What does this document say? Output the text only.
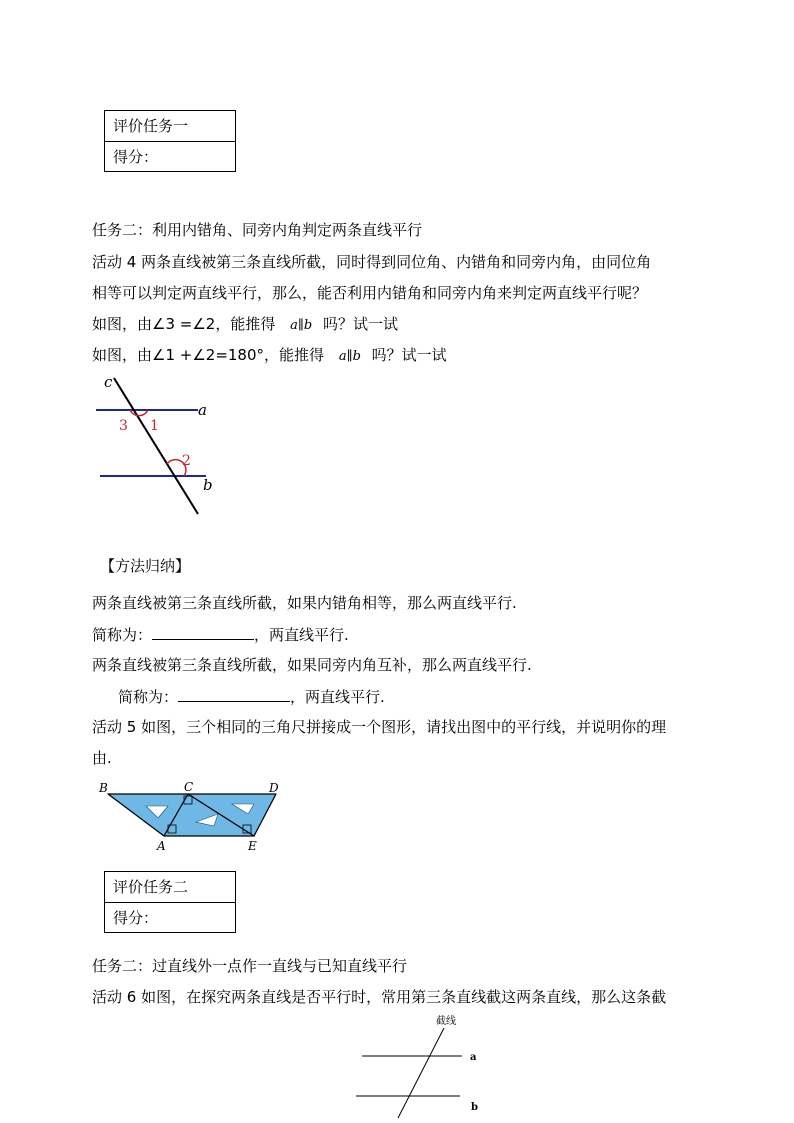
评价任务一
得分：
任务二：利用内错角、同旁内角判定两条直线平行
活动 4 两条直线被第三条直线所截，同时得到同位角、内错角和同旁内角，由同位角
相等可以判定两直线平行，那么，能否利用内错角和同旁内角来判定两直线平行呢？
如图，由∠3 =∠2，能推得 a∥b 吗？试一试
如图，由∠1 +∠2=180°，能推得 a∥b 吗？试一试
c
a
b
3 1
2
【方法归纳】
两条直线被第三条直线所截，如果内错角相等，那么两直线平行.
简称为：	，两直线平行.
两条直线被第三条直线所截，如果同旁内角互补，那么两直线平行.
简称为：	，两直线平行.
活动 5 如图，三个相同的三角尺拼接成一个图形，请找出图中的平行线，并说明你的理
由.
B	C	D
A	E
评价任务二
得分：
任务二：过直线外一点作一直线与已知直线平行
活动 6 如图，在探究两条直线是否平行时，常用第三条直线截这两条直线，那么这条截
截线
a
b
